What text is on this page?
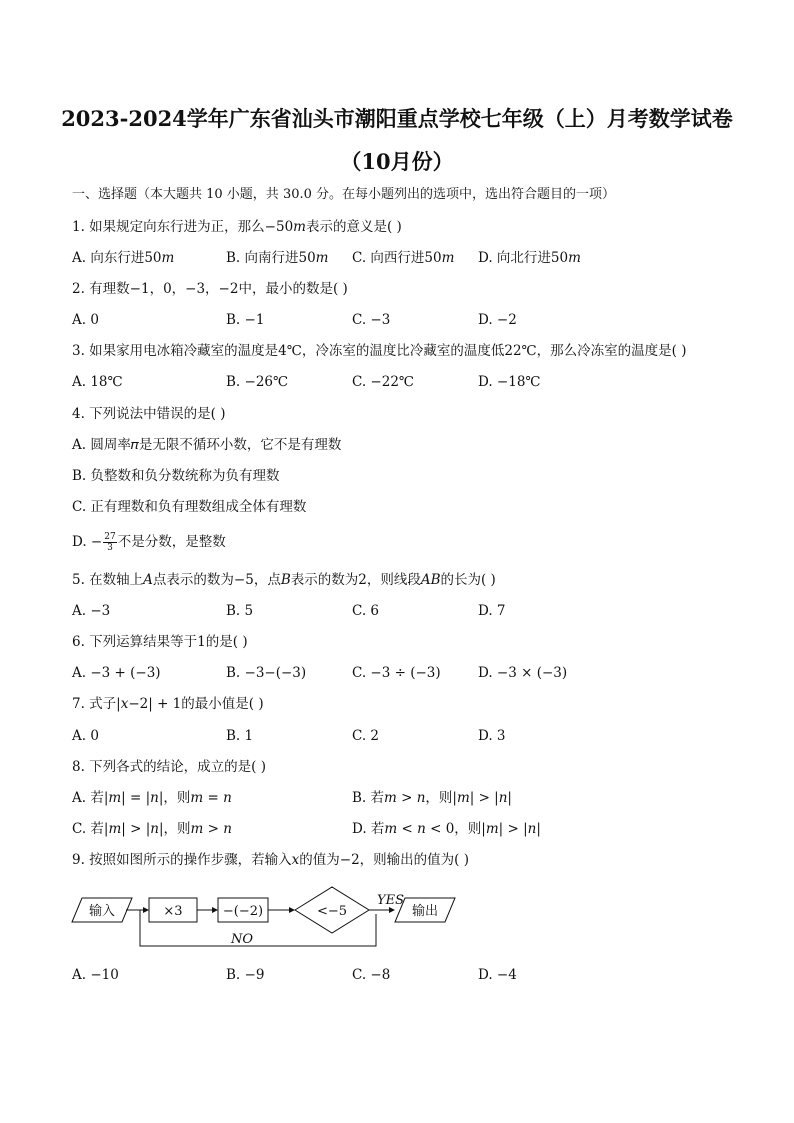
2023-2024学年广东省汕头市潮阳重点学校七年级（上）月考数学试卷
（10月份）
一、选择题（本大题共 10 小题，共 30.0 分。在每小题列出的选项中，选出符合题目的一项）
1. 如果规定向东行进为正，那么−50𝑚表示的意义是( )
A. 向东行进50𝑚	B. 向南行进50𝑚 C. 向西行进50𝑚 D. 向北行进50𝑚
2. 有理数−1，0，−3，−2中，最小的数是( )
A. 0	B. −1	C. −3	D. −2
3. 如果家用电冰箱冷藏室的温度是4℃，冷冻室的温度比冷藏室的温度低22℃，那么冷冻室的温度是( )
A. 18℃	B. −26℃	C. −22℃	D. −18℃
4. 下列说法中错误的是( )
A. 圆周率𝜋是无限不循环小数，它不是有理数
B. 负整数和负分数统称为负有理数
C. 正有理数和负有理数组成全体有理数
D. − $\frac{27}{3}$ 不是分数，是整数
5. 在数轴上𝐴点表示的数为−5，点𝐵表示的数为2，则线段𝐴𝐵的长为( )
A. −3	B. 5	C. 6	D. 7
6. 下列运算结果等于1的是( )
A. −3 + (−3)	B. −3−(−3)	C. −3 ÷ (−3)	D. −3 × (−3)
7. 式子|𝑥−2| + 1的最小值是( )
A. 0	B. 1	C. 2	D. 3
8. 下列各式的结论，成立的是( )
A. 若|𝑚| = |𝑛|，则𝑚 = 𝑛	B. 若𝑚 > 𝑛，则|𝑚| > |𝑛|
C. 若|𝑚| > |𝑛|，则𝑚 > 𝑛	D. 若𝑚 < 𝑛 < 0，则|𝑚| > |𝑛|
9. 按照如图所示的操作步骤，若输入𝑥的值为−2，则输出的值为( )
输入	×3	−(−2)	<−5
YES
输出
NO
A. −10	B. −9	C. −8	D. −4
